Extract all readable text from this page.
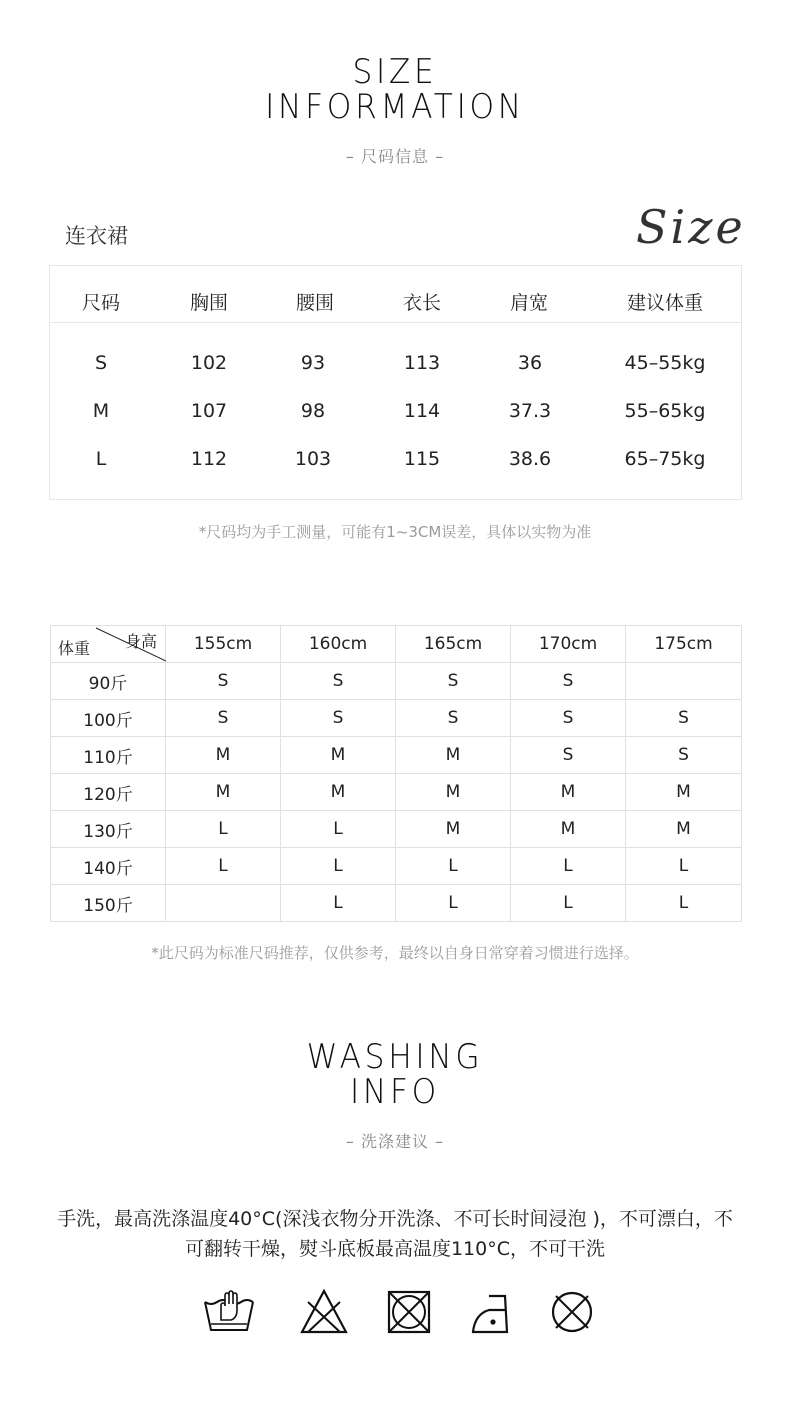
SIZE
INFORMATION
– 尺码信息 –
连衣裙	Size
尺码	胸围	腰围	衣长	肩宽	建议体重
S	102	93	113	36	45–55kg
M	107	98	114	37.3	55–65kg
L	112	103	115	38.6	65–75kg
*尺码均为手工测量，可能有1~3CM误差，具体以实物为准
体重 身高	155cm	160cm	165cm	170cm	175cm
90斤	S	S	S	S	
100斤	S	S	S	S	S
110斤	M	M	M	S	S
120斤	M	M	M	M	M
130斤	L	L	M	M	M
140斤	L	L	L	L	L
150斤		L	L	L	L
*此尺码为标准尺码推荐，仅供参考，最终以自身日常穿着习惯进行选择。
WASHING
INFO
– 洗涤建议 –
手洗，最高洗涤温度40°C(深浅衣物分开洗涤、不可长时间浸泡 )，不可漂白，不
可翻转干燥，熨斗底板最高温度110°C，不可干洗
